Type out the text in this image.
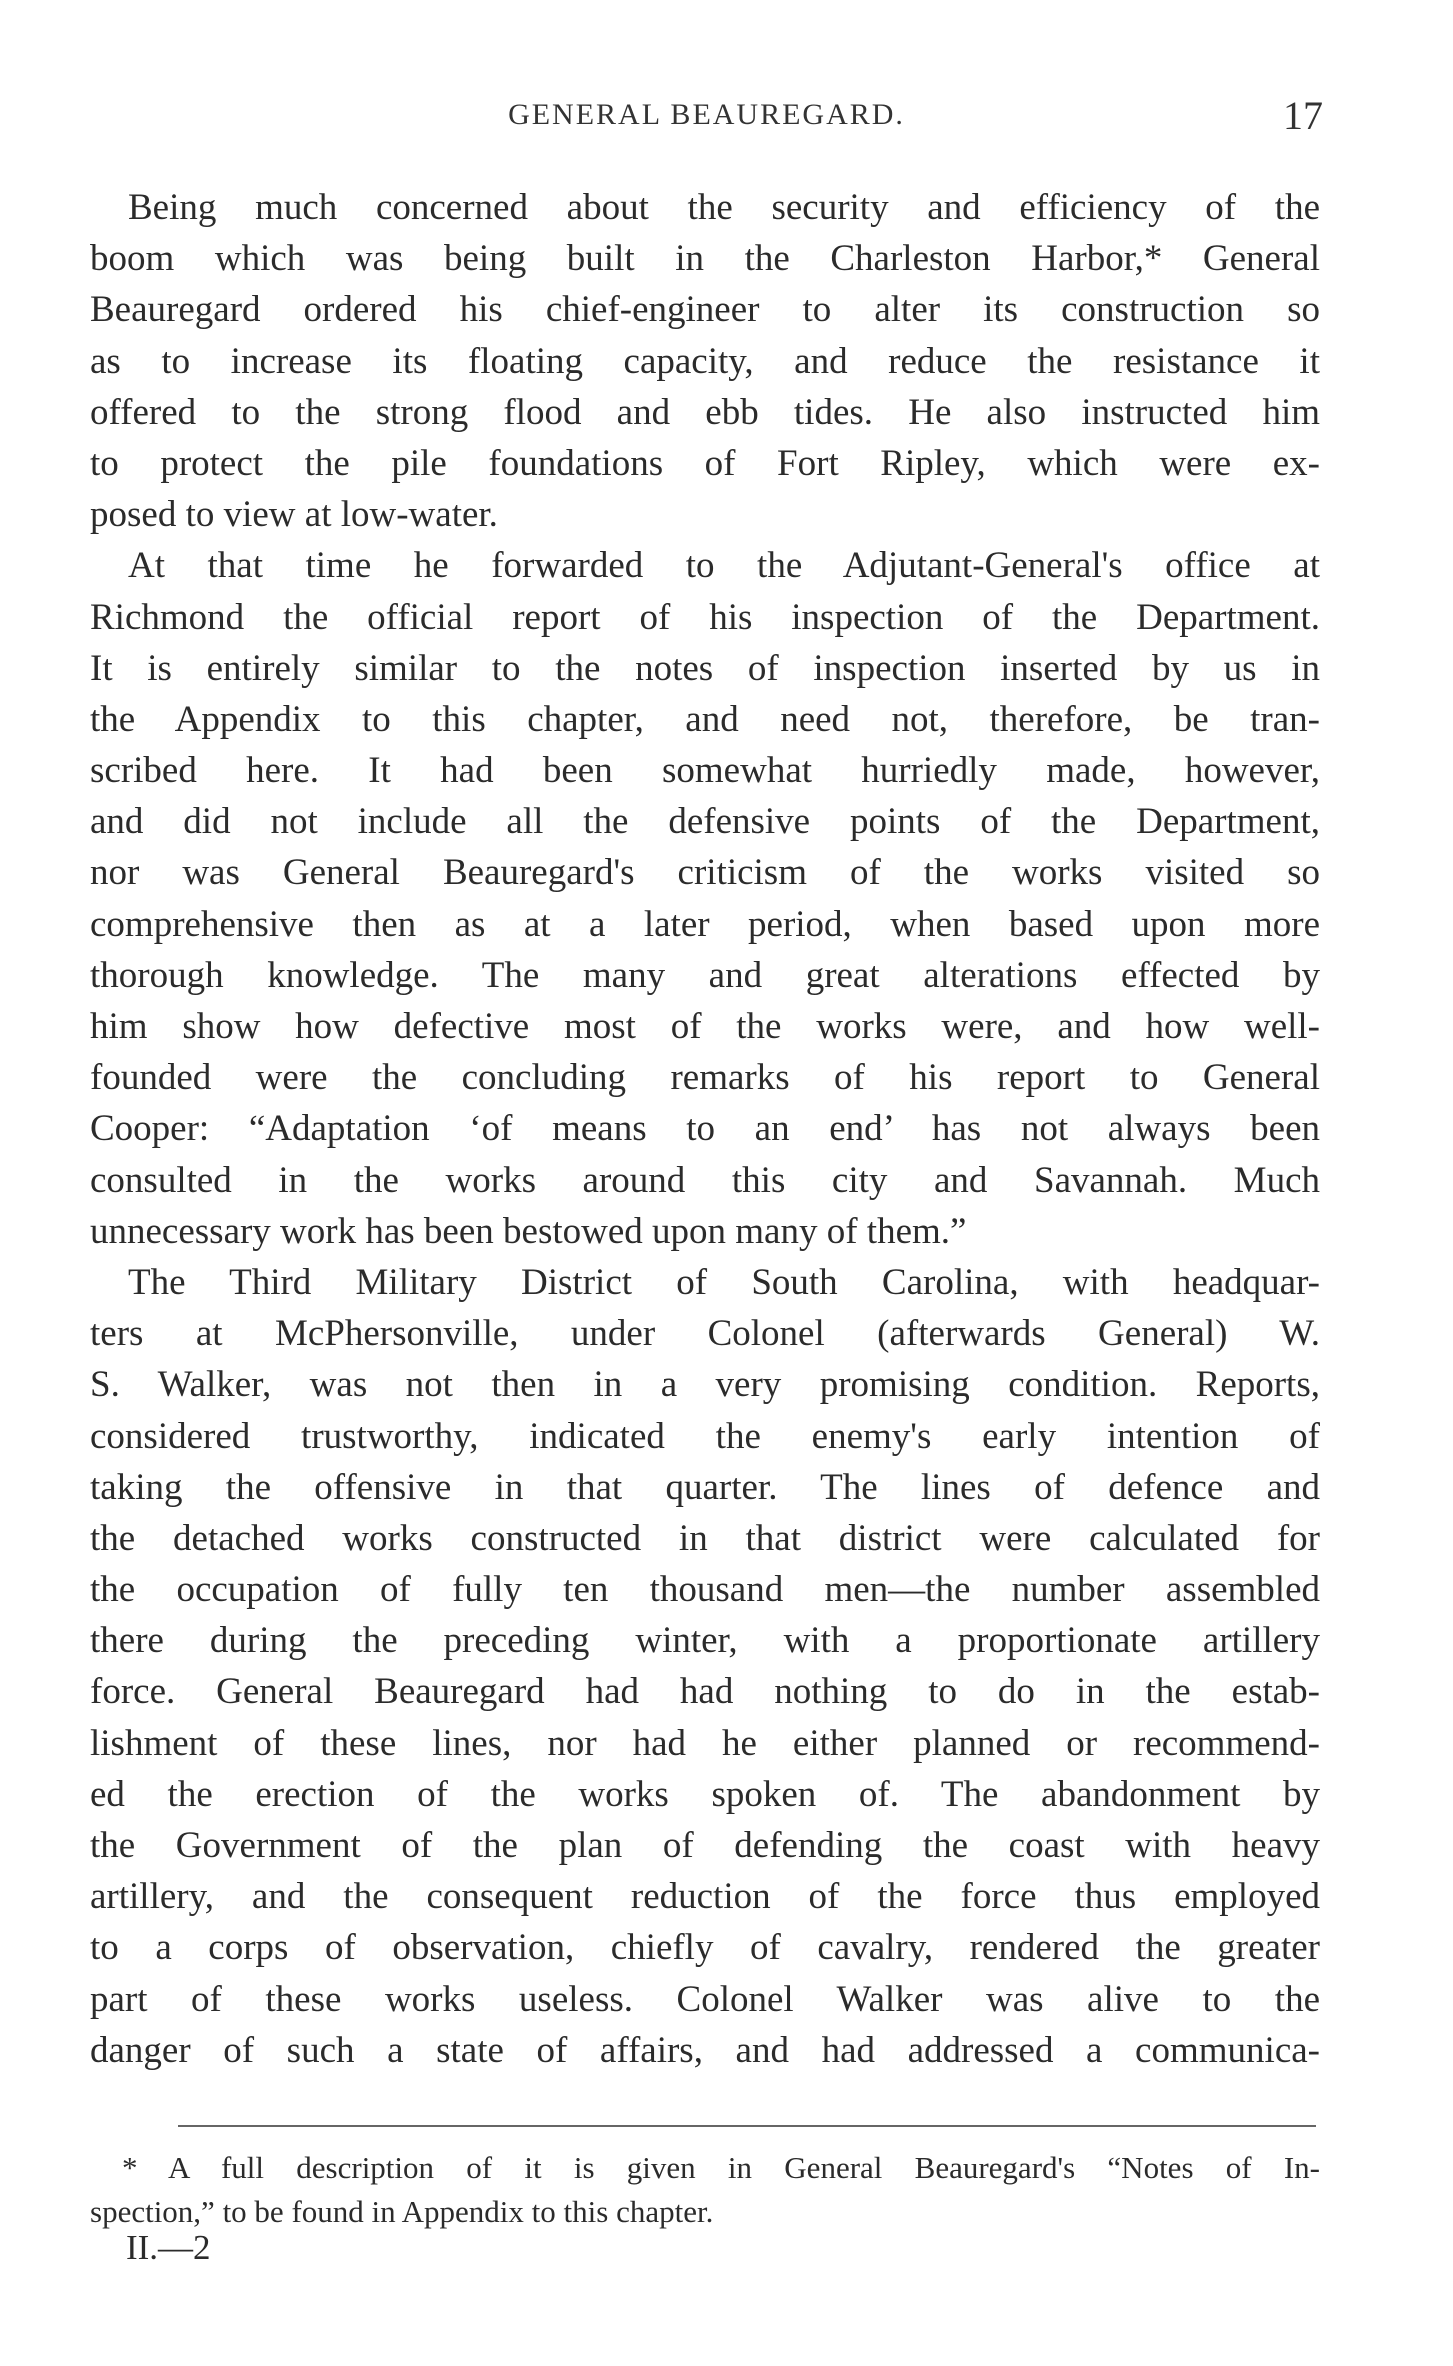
GENERAL BEAUREGARD.	17
Being much concerned about the security and efficiency of the
boom which was being built in the Charleston Harbor,* General
Beauregard ordered his chief-engineer to alter its construction so
as to increase its floating capacity, and reduce the resistance it
offered to the strong flood and ebb tides. He also instructed him
to protect the pile foundations of Fort Ripley, which were ex-
posed to view at low-water.
At that time he forwarded to the Adjutant-General's office at
Richmond the official report of his inspection of the Department.
It is entirely similar to the notes of inspection inserted by us in
the Appendix to this chapter, and need not, therefore, be tran-
scribed here. It had been somewhat hurriedly made, however,
and did not include all the defensive points of the Department,
nor was General Beauregard's criticism of the works visited so
comprehensive then as at a later period, when based upon more
thorough knowledge. The many and great alterations effected by
him show how defective most of the works were, and how well-
founded were the concluding remarks of his report to General
Cooper: “Adaptation ‘of means to an end’ has not always been
consulted in the works around this city and Savannah. Much
unnecessary work has been bestowed upon many of them.”
The Third Military District of South Carolina, with headquar-
ters at McPhersonville, under Colonel (afterwards General) W.
S. Walker, was not then in a very promising condition. Reports,
considered trustworthy, indicated the enemy's early intention of
taking the offensive in that quarter. The lines of defence and
the detached works constructed in that district were calculated for
the occupation of fully ten thousand men—the number assembled
there during the preceding winter, with a proportionate artillery
force. General Beauregard had had nothing to do in the estab-
lishment of these lines, nor had he either planned or recommend-
ed the erection of the works spoken of. The abandonment by
the Government of the plan of defending the coast with heavy
artillery, and the consequent reduction of the force thus employed
to a corps of observation, chiefly of cavalry, rendered the greater
part of these works useless. Colonel Walker was alive to the
danger of such a state of affairs, and had addressed a communica-
* A full description of it is given in General Beauregard's “Notes of In-
spection,” to be found in Appendix to this chapter.
II.—2
